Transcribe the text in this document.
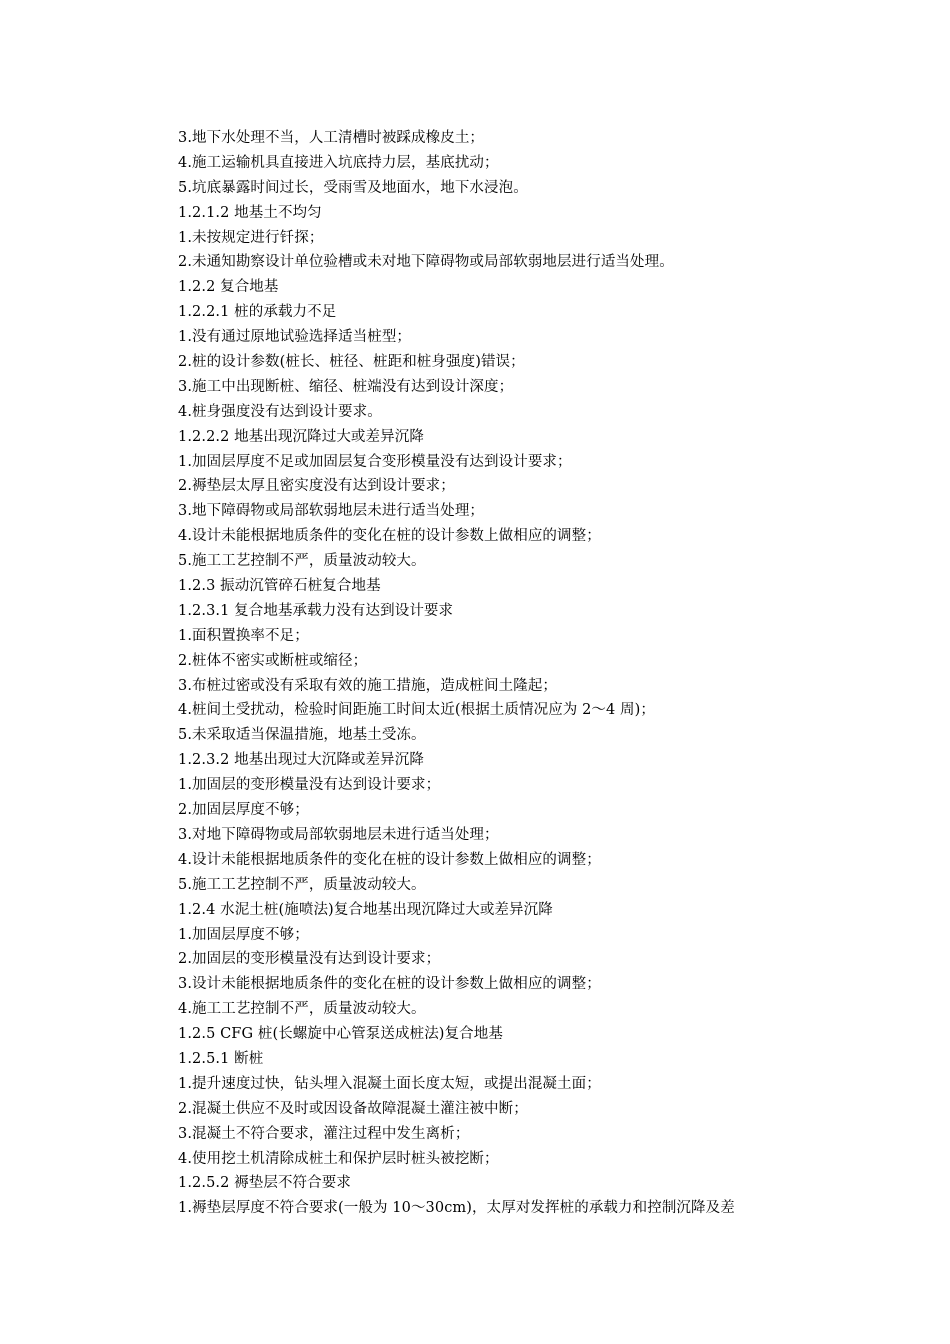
3.地下水处理不当，人工清槽时被踩成橡皮土；
4.施工运输机具直接进入坑底持力层，基底扰动；
5.坑底暴露时间过长，受雨雪及地面水，地下水浸泡。
1.2.1.2 地基土不均匀
1.未按规定进行钎探；
2.未通知勘察设计单位验槽或未对地下障碍物或局部软弱地层进行适当处理。
1.2.2 复合地基
1.2.2.1 桩的承载力不足
1.没有通过原地试验选择适当桩型；
2.桩的设计参数(桩长、桩径、桩距和桩身强度)错误；
3.施工中出现断桩、缩径、桩端没有达到设计深度；
4.桩身强度没有达到设计要求。
1.2.2.2 地基出现沉降过大或差异沉降
1.加固层厚度不足或加固层复合变形模量没有达到设计要求；
2.褥垫层太厚且密实度没有达到设计要求；
3.地下障碍物或局部软弱地层未进行适当处理；
4.设计未能根据地质条件的变化在桩的设计参数上做相应的调整；
5.施工工艺控制不严，质量波动较大。
1.2.3 振动沉管碎石桩复合地基
1.2.3.1 复合地基承载力没有达到设计要求
1.面积置换率不足；
2.桩体不密实或断桩或缩径；
3.布桩过密或没有采取有效的施工措施，造成桩间土隆起；
4.桩间土受扰动，检验时间距施工时间太近(根据土质情况应为 2～4 周)；
5.未采取适当保温措施，地基土受冻。
1.2.3.2 地基出现过大沉降或差异沉降
1.加固层的变形模量没有达到设计要求；
2.加固层厚度不够；
3.对地下障碍物或局部软弱地层未进行适当处理；
4.设计未能根据地质条件的变化在桩的设计参数上做相应的调整；
5.施工工艺控制不严，质量波动较大。
1.2.4 水泥土桩(施喷法)复合地基出现沉降过大或差异沉降
1.加固层厚度不够；
2.加固层的变形模量没有达到设计要求；
3.设计未能根据地质条件的变化在桩的设计参数上做相应的调整；
4.施工工艺控制不严，质量波动较大。
1.2.5 CFG 桩(长螺旋中心管泵送成桩法)复合地基
1.2.5.1 断桩
1.提升速度过快，钻头埋入混凝土面长度太短，或提出混凝土面；
2.混凝土供应不及时或因设备故障混凝土灌注被中断；
3.混凝土不符合要求，灌注过程中发生离析；
4.使用挖土机清除成桩土和保护层时桩头被挖断；
1.2.5.2 褥垫层不符合要求
1.褥垫层厚度不符合要求(一般为 10～30cm)，太厚对发挥桩的承载力和控制沉降及差
